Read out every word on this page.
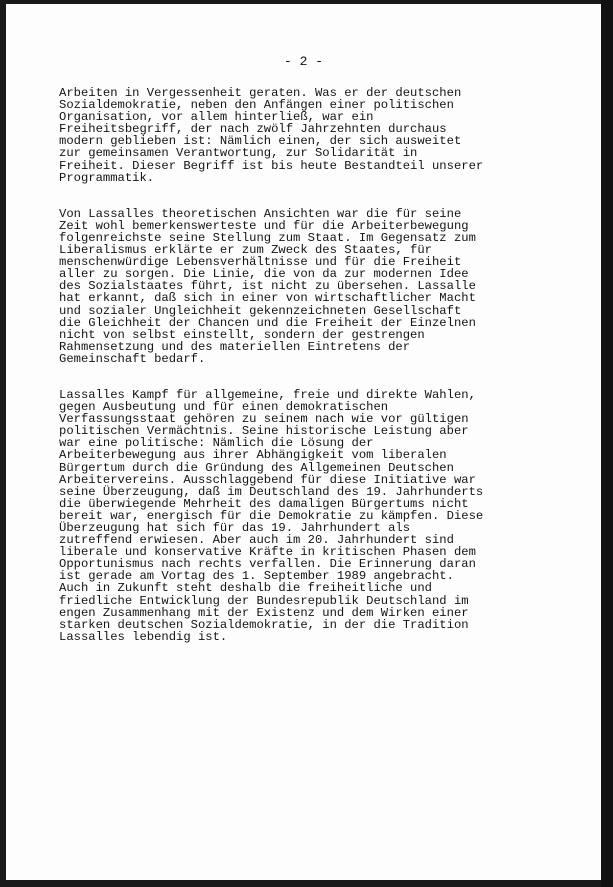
- 2 -
Arbeiten in Vergessenheit geraten. Was er der deutschen
Sozialdemokratie, neben den Anfängen einer politischen
Organisation, vor allem hinterließ, war ein
Freiheitsbegriff, der nach zwölf Jahrzehnten durchaus
modern geblieben ist: Nämlich einen, der sich ausweitet
zur gemeinsamen Verantwortung, zur Solidarität in
Freiheit. Dieser Begriff ist bis heute Bestandteil unserer
Programmatik.
Von Lassalles theoretischen Ansichten war die für seine
Zeit wohl bemerkenswerteste und für die Arbeiterbewegung
folgenreichste seine Stellung zum Staat. Im Gegensatz zum
Liberalismus erklärte er zum Zweck des Staates, für
menschenwürdige Lebensverhältnisse und für die Freiheit
aller zu sorgen. Die Linie, die von da zur modernen Idee
des Sozialstaates führt, ist nicht zu übersehen. Lassalle
hat erkannt, daß sich in einer von wirtschaftlicher Macht
und sozialer Ungleichheit gekennzeichneten Gesellschaft
die Gleichheit der Chancen und die Freiheit der Einzelnen
nicht von selbst einstellt, sondern der gestrengen
Rahmensetzung und des materiellen Eintretens der
Gemeinschaft bedarf.
Lassalles Kampf für allgemeine, freie und direkte Wahlen,
gegen Ausbeutung und für einen demokratischen
Verfassungsstaat gehören zu seinem nach wie vor gültigen
politischen Vermächtnis. Seine historische Leistung aber
war eine politische: Nämlich die Lösung der
Arbeiterbewegung aus ihrer Abhängigkeit vom liberalen
Bürgertum durch die Gründung des Allgemeinen Deutschen
Arbeitervereins. Ausschlaggebend für diese Initiative war
seine Überzeugung, daß im Deutschland des 19. Jahrhunderts
die überwiegende Mehrheit des damaligen Bürgertums nicht
bereit war, energisch für die Demokratie zu kämpfen. Diese
Überzeugung hat sich für das 19. Jahrhundert als
zutreffend erwiesen. Aber auch im 20. Jahrhundert sind
liberale und konservative Kräfte in kritischen Phasen dem
Opportunismus nach rechts verfallen. Die Erinnerung daran
ist gerade am Vortag des 1. September 1989 angebracht.
Auch in Zukunft steht deshalb die freiheitliche und
friedliche Entwicklung der Bundesrepublik Deutschland im
engen Zusammenhang mit der Existenz und dem Wirken einer
starken deutschen Sozialdemokratie, in der die Tradition
Lassalles lebendig ist.
